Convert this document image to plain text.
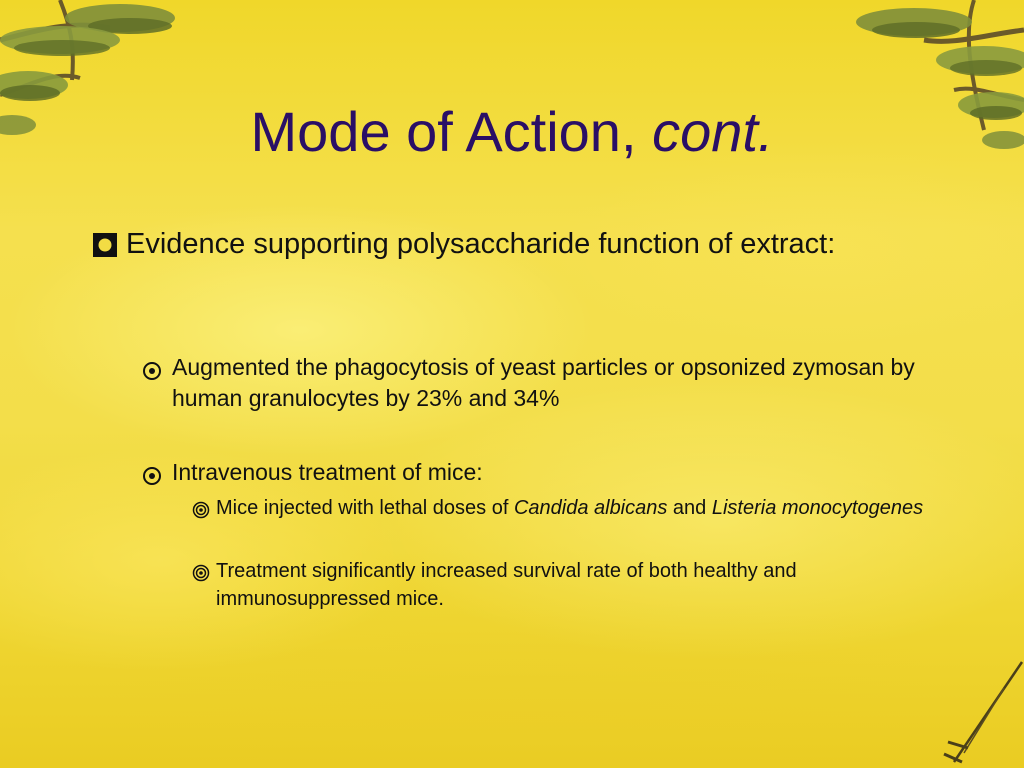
Mode of Action, cont.
Evidence supporting polysaccharide function of extract:
Augmented the phagocytosis of yeast particles or opsonized zymosan by human granulocytes by 23% and 34%
Intravenous treatment of mice:
Mice injected with lethal doses of Candida albicans and Listeria monocytogenes
Treatment significantly increased survival rate of both healthy and immunosuppressed mice.
